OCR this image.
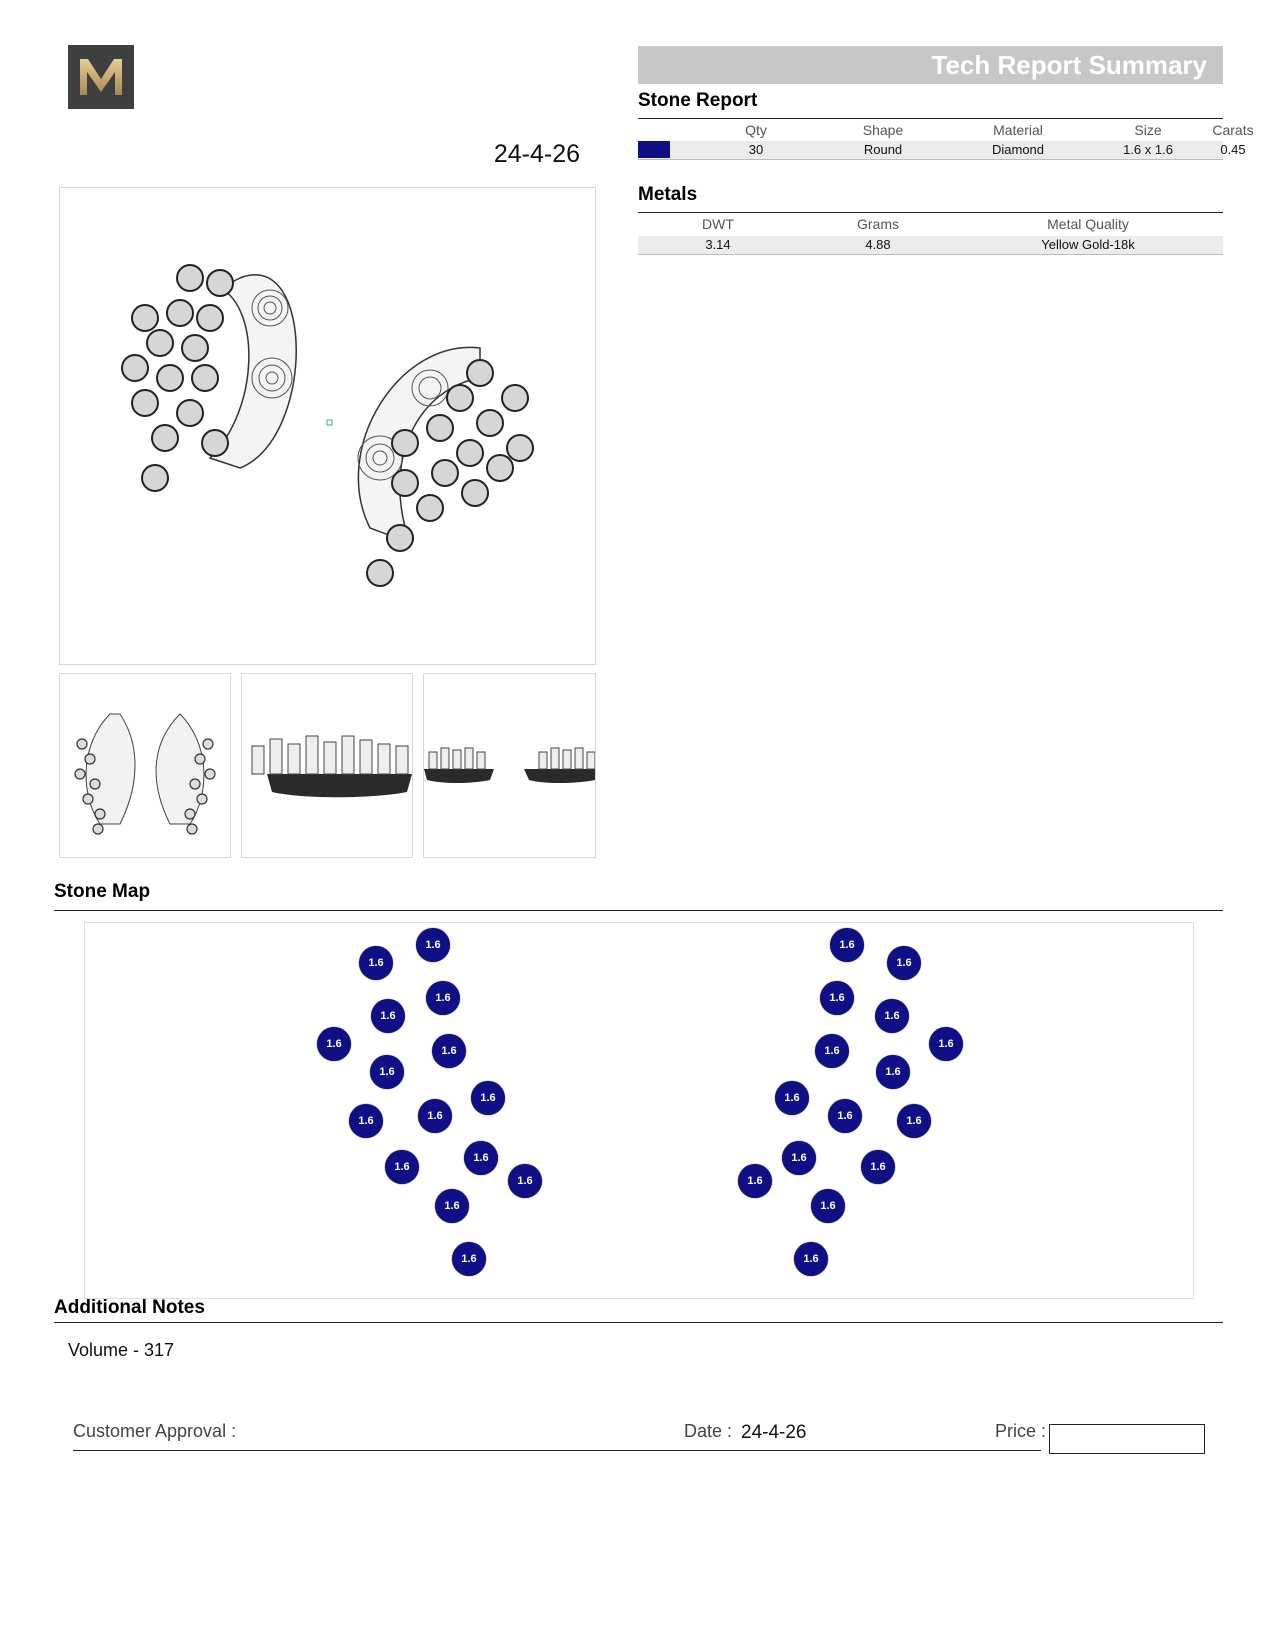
24-4-26
Tech Report Summary
Stone Report
Qty	Shape	Material	Size	Carats
30	Round	Diamond	1.6 x 1.6	0.45
Metals
DWT	Grams	Metal Quality
3.14	4.88	Yellow Gold-18k
Stone Map
1.6
1.6
1.6
1.6
1.6
1.6
1.6
1.6
1.6	1.6
1.6
1.6
1.6
1.6
1.6
1.6
1.6
1.6
1.6
1.6
1.6
1.6
1.6
1.6
1.6
1.6
1.6
1.6
1.6
1.6
Additional Notes
Volume - 317
Customer Approval :	Date : 24-4-26	Price :
